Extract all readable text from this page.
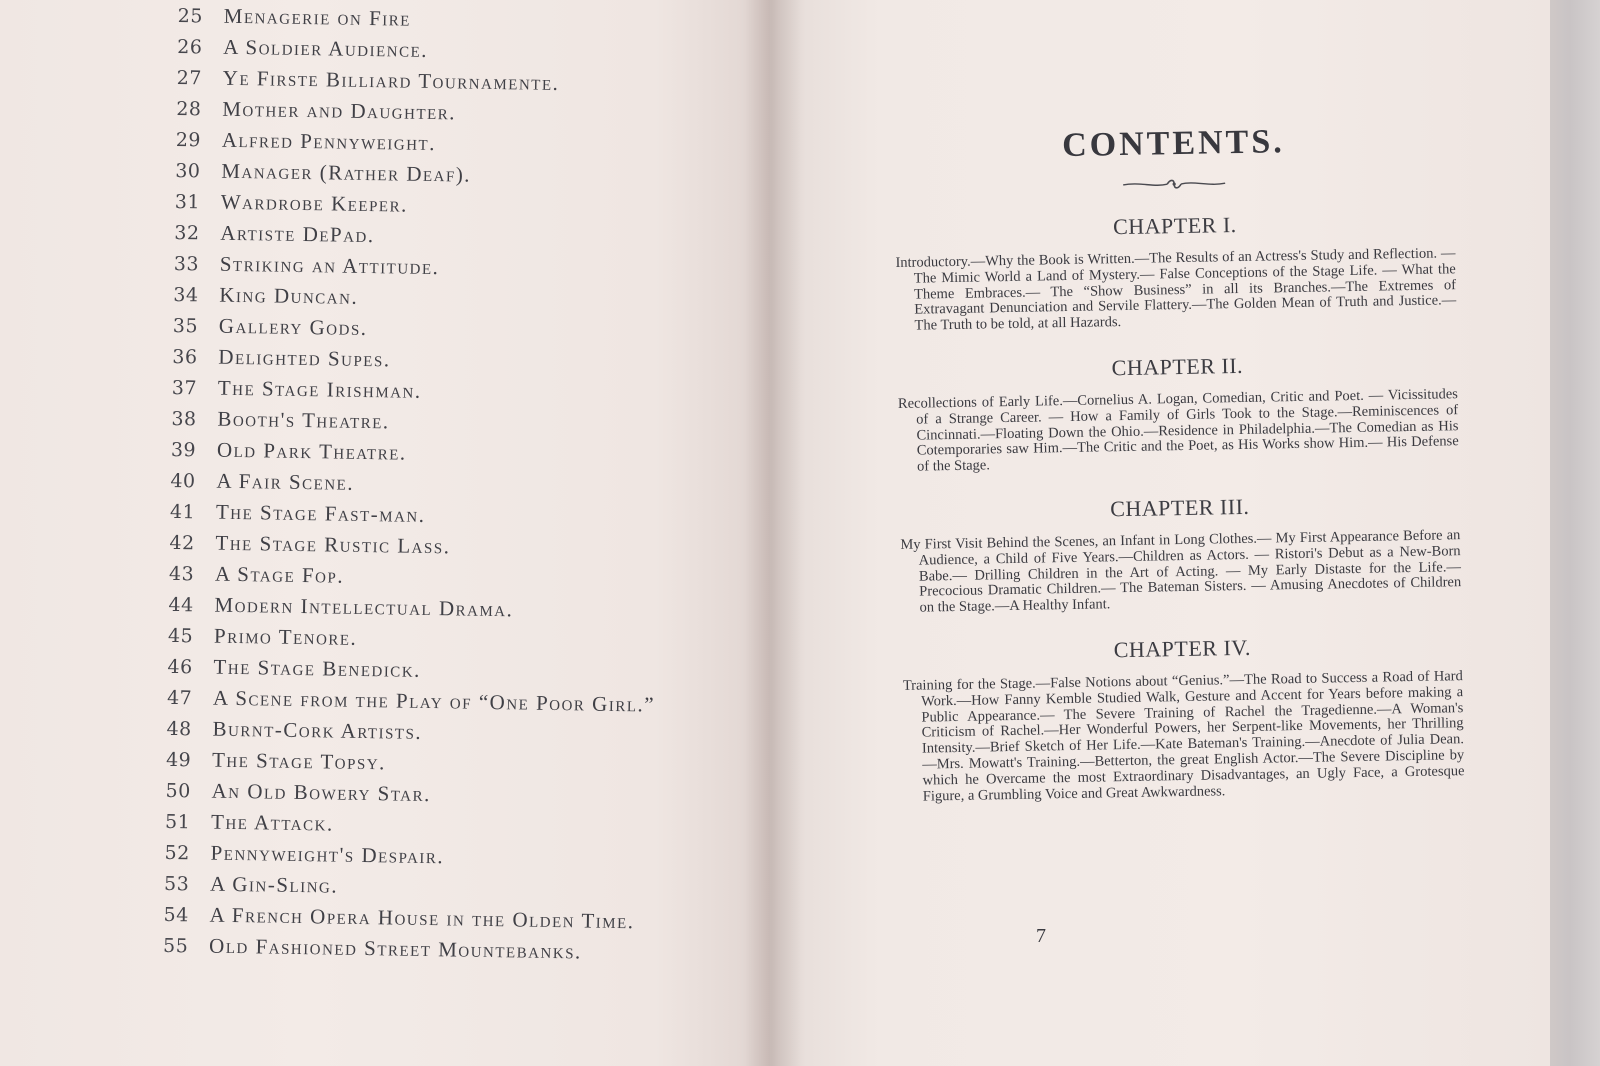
25 Menagerie on Fire
26 A Soldier Audience.
27 Ye Firste Billiard Tournamente.
28 Mother and Daughter.
29 Alfred Pennyweight.
30 Manager (Rather Deaf).
31 Wardrobe Keeper.
32 Artiste DePad.
33 Striking an Attitude.
34 King Duncan.
35 Gallery Gods.
36 Delighted Supes.
37 The Stage Irishman.
38 Booth's Theatre.
39 Old Park Theatre.
40 A Fair Scene.
41 The Stage Fast-man.
42 The Stage Rustic Lass.
43 A Stage Fop.
44 Modern Intellectual Drama.
45 Primo Tenore.
46 The Stage Benedick.
47 A Scene from the Play of “One Poor Girl.”
48 Burnt-Cork Artists.
49 The Stage Topsy.
50 An Old Bowery Star.
51 The Attack.
52 Pennyweight's Despair.
53 A Gin-Sling.
54 A French Opera House in the Olden Time.
55 Old Fashioned Street Mountebanks.
CONTENTS.
CHAPTER I.

Introductory.—Why the Book is Written.—The Results of an Actress's Study and Reflection. — The Mimic World a Land of Mystery.— False Conceptions of the Stage Life. — What the Theme Embraces.— The “Show Business” in all its Branches.—The Extremes of Extravagant Denunciation and Servile Flattery.—The Golden Mean of Truth and Justice.—The Truth to be told, at all Hazards.

CHAPTER II.

Recollections of Early Life.—Cornelius A. Logan, Comedian, Critic and Poet. — Vicissitudes of a Strange Career. — How a Family of Girls Took to the Stage.—Reminiscences of Cincinnati.—Floating Down the Ohio.—Residence in Philadelphia.—The Comedian as His Cotemporaries saw Him.—The Critic and the Poet, as His Works show Him.— His Defense of the Stage.

CHAPTER III.

My First Visit Behind the Scenes, an Infant in Long Clothes.— My First Appearance Before an Audience, a Child of Five Years.—Children as Actors. — Ristori's Debut as a New-Born Babe.— Drilling Children in the Art of Acting. — My Early Distaste for the Life.— Precocious Dramatic Children.— The Bateman Sisters. — Amusing Anecdotes of Children on the Stage.—A Healthy Infant.

CHAPTER IV.

Training for the Stage.—False Notions about “Genius.”—The Road to Success a Road of Hard Work.—How Fanny Kemble Studied Walk, Gesture and Accent for Years before making a Public Appearance.— The Severe Training of Rachel the Tragedienne.—A Woman's Criticism of Rachel.—Her Wonderful Powers, her Serpent-like Movements, her Thrilling Intensity.—Brief Sketch of Her Life.—Kate Bateman's Training.—Anecdote of Julia Dean.—Mrs. Mowatt's Training.—Betterton, the great English Actor.—The Severe Discipline by which he Overcame the most Extraordinary Disadvantages, an Ugly Face, a Grotesque Figure, a Grumbling Voice and Great Awkwardness.

7
